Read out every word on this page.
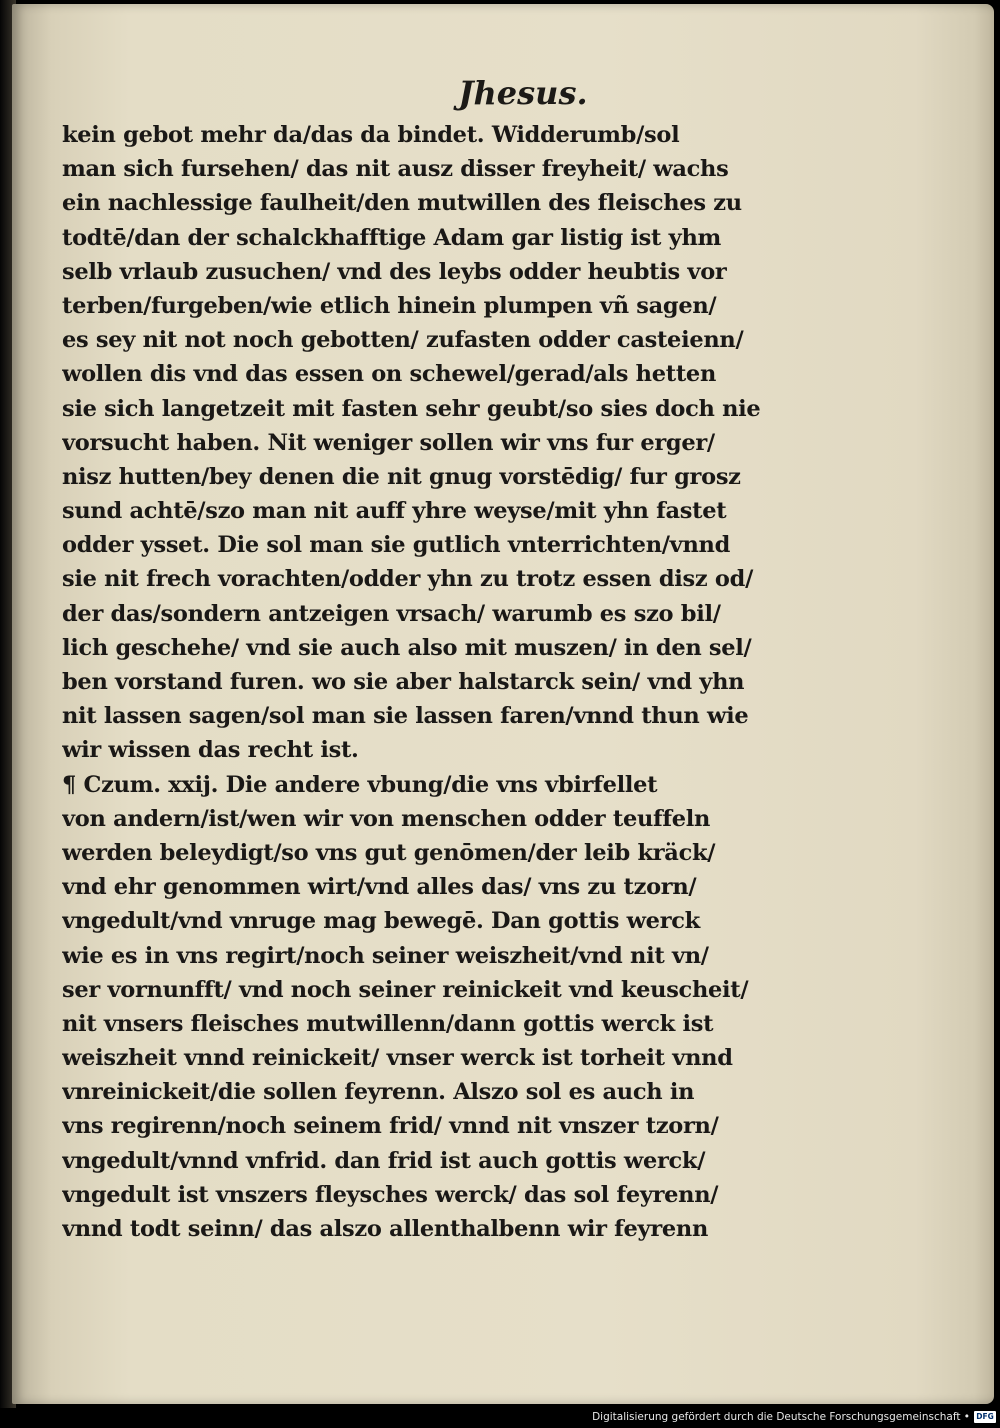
Jhesus.
kein gebot mehr da/das da bindet. Widderumb/sol
man sich fursehen/ das nit ausz disser freyheit/ wachs
ein nachlessige faulheit/den mutwillen des fleisches zu
todtē/dan der schalckhafftige Adam gar listig ist yhm
selb vrlaub zusuchen/ vnd des leybs odder heubtis vor
terben/furgeben/wie etlich hinein plumpen vñ sagen/
es sey nit not noch gebotten/ zufasten odder casteienn/
wollen dis vnd das essen on schewel/gerad/als hetten
sie sich langetzeit mit fasten sehr geubt/so sies doch nie
vorsucht haben. Nit weniger sollen wir vns fur erger/
nisz hutten/bey denen die nit gnug vorstēdig/ fur grosz
sund achtē/szo man nit auff yhre weyse/mit yhn fastet
odder ysset. Die sol man sie gutlich vnterrichten/vnnd
sie nit frech vorachten/odder yhn zu trotz essen disz od/
der das/sondern antzeigen vrsach/ warumb es szo bil/
lich geschehe/ vnd sie auch also mit muszen/ in den sel/
ben vorstand furen. wo sie aber halstarck sein/ vnd yhn
nit lassen sagen/sol man sie lassen faren/vnnd thun wie
wir wissen das recht ist.
¶ Czum. xxij. Die andere vbung/die vns vbirfellet
von andern/ist/wen wir von menschen odder teuffeln
werden beleydigt/so vns gut genōmen/der leib kräck/
vnd ehr genommen wirt/vnd alles das/ vns zu tzorn/
vngedult/vnd vnruge mag bewegē. Dan gottis werck
wie es in vns regirt/noch seiner weiszheit/vnd nit vn/
ser vornunfft/ vnd noch seiner reinickeit vnd keuscheit/
nit vnsers fleisches mutwillenn/dann gottis werck ist
weiszheit vnnd reinickeit/ vnser werck ist torheit vnnd
vnreinickeit/die sollen feyrenn. Alszo sol es auch in
vns regirenn/noch seinem frid/ vnnd nit vnszer tzorn/
vngedult/vnnd vnfrid. dan frid ist auch gottis werck/
vngedult ist vnszers fleysches werck/ das sol feyrenn/
vnnd todt seinn/ das alszo allenthalbenn wir feyrenn
Digitalisierung gefördert durch die Deutsche Forschungsgemeinschaft • DFG
